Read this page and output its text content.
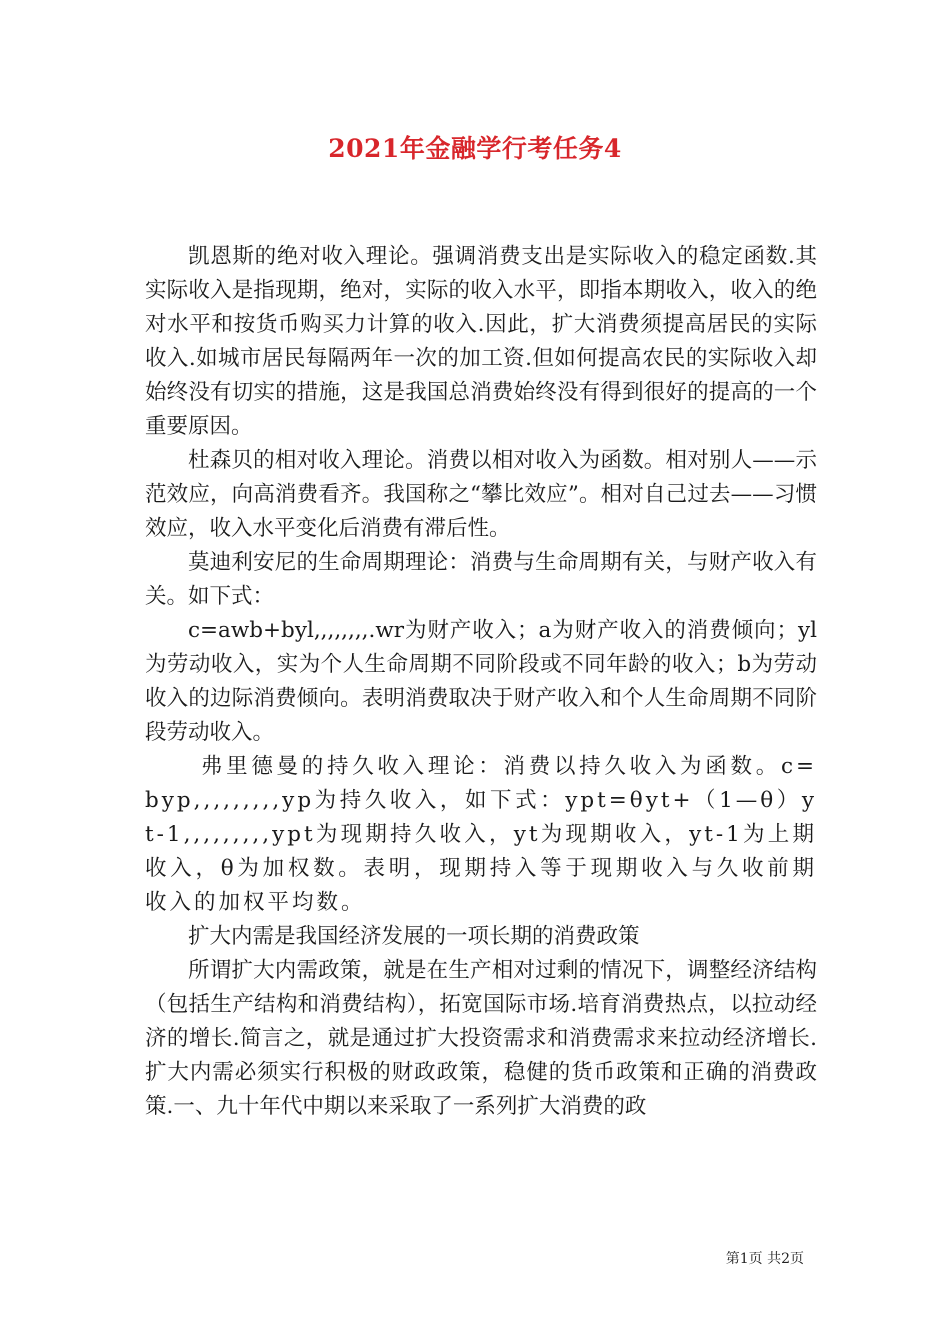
2021年金融学行考任务4

凯恩斯的绝对收入理论。强调消费支出是实际收入的稳定函数.其实际收入是指现期，绝对，实际的收入水平，即指本期收入，收入的绝对水平和按货币购买力计算的收入.因此，扩大消费须提高居民的实际收入.如城市居民每隔两年一次的加工资.但如何提高农民的实际收入却始终没有切实的措施，这是我国总消费始终没有得到很好的提高的一个重要原因。

杜森贝的相对收入理论。消费以相对收入为函数。相对别人——示范效应，向高消费看齐。我国称之“攀比效应”。相对自己过去——习惯效应，收入水平变化后消费有滞后性。

莫迪利安尼的生命周期理论：消费与生命周期有关，与财产收入有关。如下式：

c=awb+byl,,,,,,,,.wr为财产收入；a为财产收入的消费倾向；yl为劳动收入，实为个人生命周期不同阶段或不同年龄的收入；b为劳动收入的边际消费倾向。表明消费取决于财产收入和个人生命周期不同阶段劳动收入。

弗里德曼的持久收入理论：消费以持久收入为函数。c=byp,,,,,,,,,yp为持久收入，如下式：ypt=θyt+（1—θ）yt-1,,,,,,,,,ypt为现期持久收入，yt为现期收入，yt-1为上期收入，θ为加权数。表明，现期持入等于现期收入与久收前期收入的加权平均数。

扩大内需是我国经济发展的一项长期的消费政策

所谓扩大内需政策，就是在生产相对过剩的情况下，调整经济结构（包括生产结构和消费结构），拓宽国际市场.培育消费热点，以拉动经济的增长.简言之，就是通过扩大投资需求和消费需求来拉动经济增长.扩大内需必须实行积极的财政政策，稳健的货币政策和正确的消费政策.一、九十年代中期以来采取了一系列扩大消费的政

第1页 共2页
